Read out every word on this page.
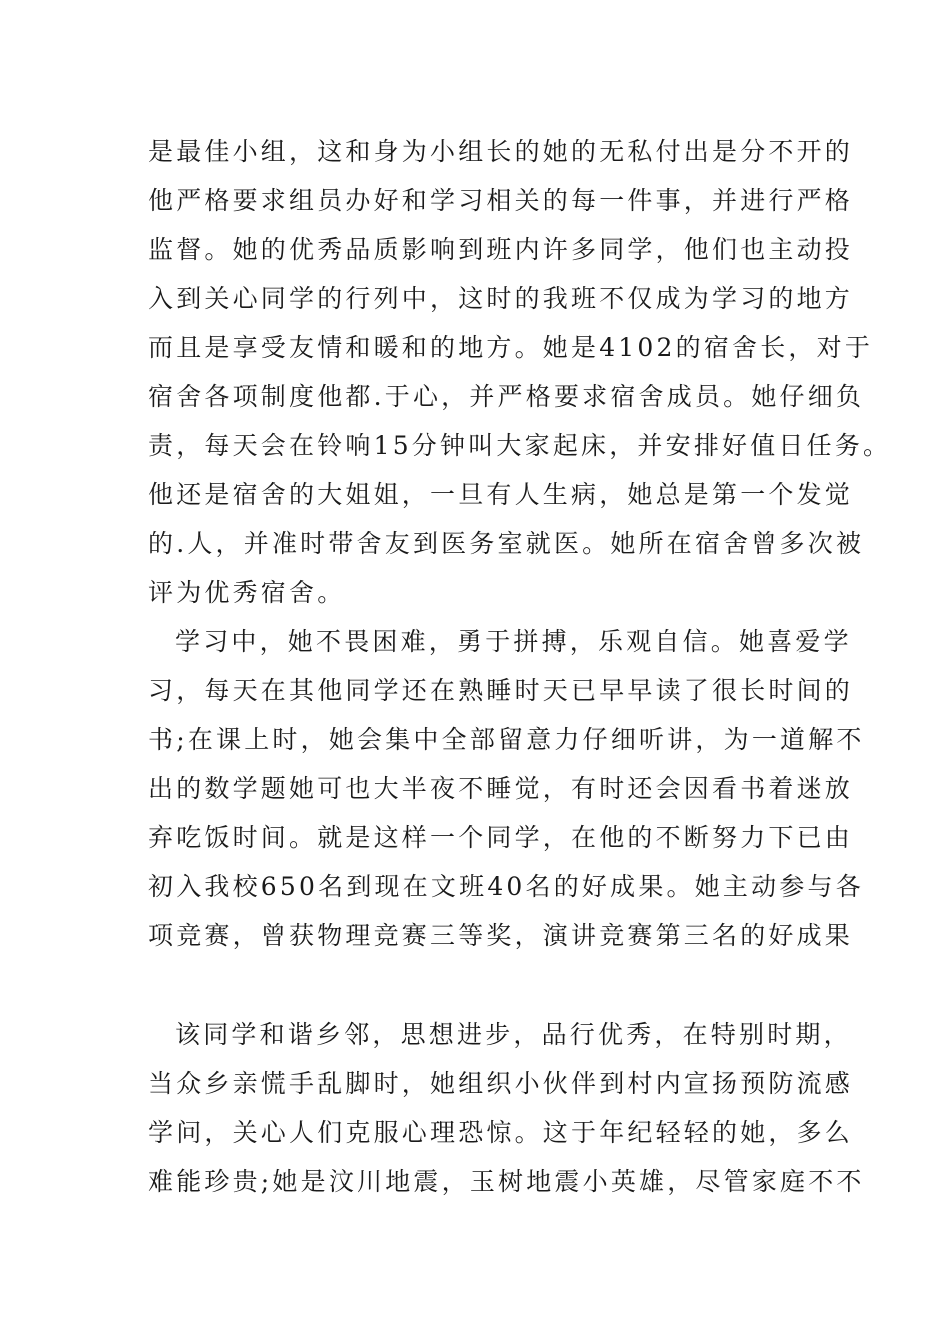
是最佳小组，这和身为小组长的她的无私付出是分不开的
他严格要求组员办好和学习相关的每一件事，并进行严格
监督。她的优秀品质影响到班内许多同学，他们也主动投
入到关心同学的行列中，这时的我班不仅成为学习的地方
而且是享受友情和暖和的地方。她是4102的宿舍长，对于
宿舍各项制度他都.于心，并严格要求宿舍成员。她仔细负
责，每天会在铃响15分钟叫大家起床，并安排好值日任务。
他还是宿舍的大姐姐，一旦有人生病，她总是第一个发觉
的.人，并准时带舍友到医务室就医。她所在宿舍曾多次被
评为优秀宿舍。
学习中，她不畏困难，勇于拼搏，乐观自信。她喜爱学
习，每天在其他同学还在熟睡时天已早早读了很长时间的
书;在课上时，她会集中全部留意力仔细听讲，为一道解不
出的数学题她可也大半夜不睡觉，有时还会因看书着迷放
弃吃饭时间。就是这样一个同学，在他的不断努力下已由
初入我校650名到现在文班40名的好成果。她主动参与各
项竞赛，曾获物理竞赛三等奖，演讲竞赛第三名的好成果
该同学和谐乡邻，思想进步，品行优秀，在特别时期，
当众乡亲慌手乱脚时，她组织小伙伴到村内宣扬预防流感
学问，关心人们克服心理恐惊。这于年纪轻轻的她，多么
难能珍贵;她是汶川地震，玉树地震小英雄，尽管家庭不不
